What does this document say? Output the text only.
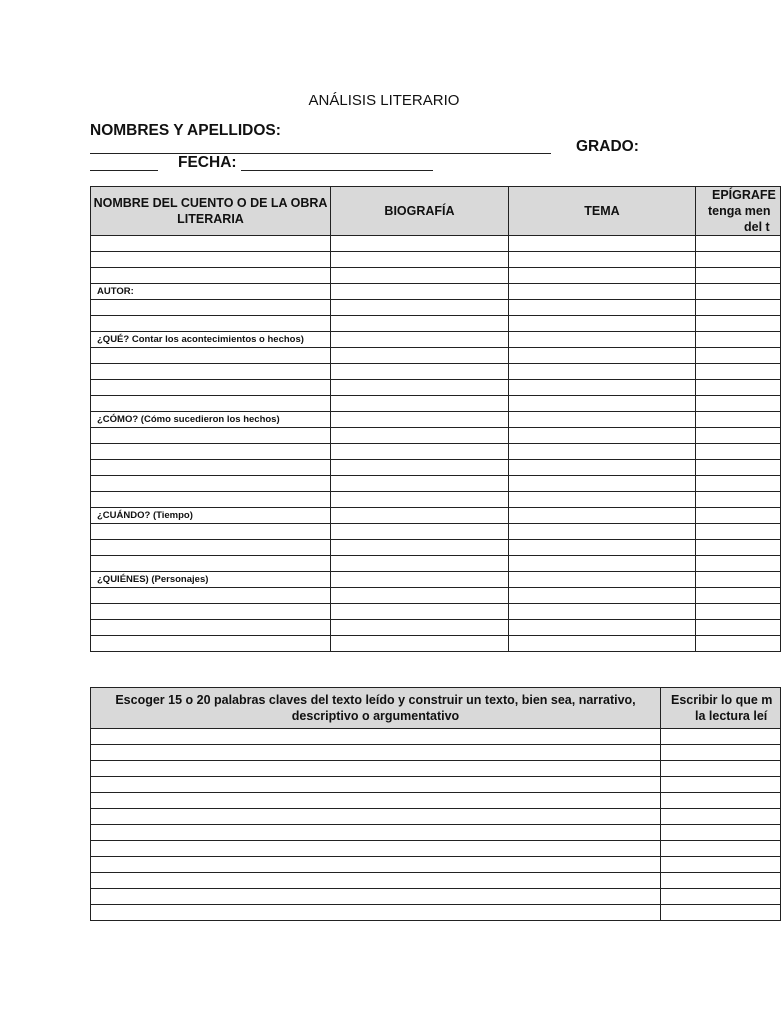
ANÁLISIS LITERARIO
NOMBRES Y APELLIDOS:
GRADO:
FECHA:
NOMBRE DEL CUENTO O DE LA OBRA LITERARIA	BIOGRAFÍA	TEMA	EPÍGRAFE
tenga men
del t

AUTOR:			

¿QUÉ? Contar los acontecimientos o hechos)			

¿CÓMO? (Cómo sucedieron los hechos)			

¿CUÁNDO? (Tiempo)			

¿QUIÉNES) (Personajes)			

Escoger 15 o 20 palabras claves del texto leído y construir un texto, bien sea, narrativo, descriptivo o argumentativo	Escribir lo que m
la lectura leí
